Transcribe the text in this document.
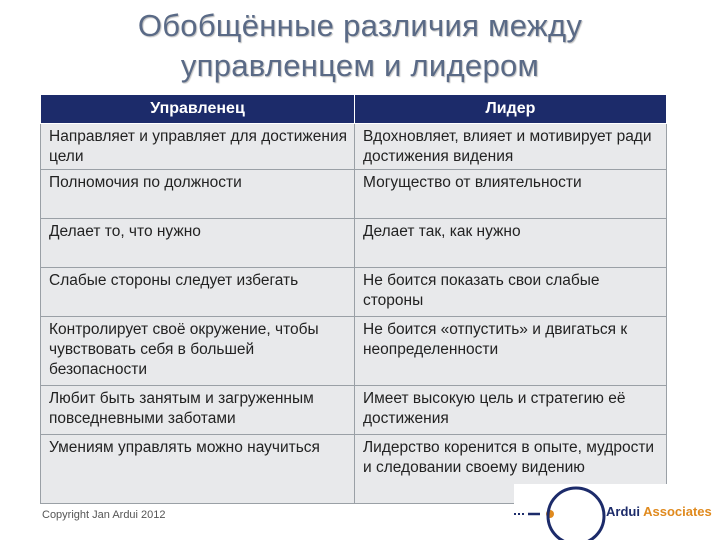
Обобщённые различия между
управленцем и лидером
Управленец	Лидер
Направляет и управляет для достижения цели	Вдохновляет, влияет и мотивирует ради достижения видения
Полномочия по должности	Могущество от влиятельности
Делает то, что нужно	Делает так, как нужно
Слабые стороны следует избегать	Не боится показать свои слабые стороны
Контролирует своё окружение, чтобы чувствовать себя в большей безопасности	Не боится «отпустить» и двигаться к неопределенности
Любит быть занятым и загруженным повседневными заботами	Имеет высокую цель и стратегию её достижения
Умениям управлять можно научиться	Лидерство коренится в опыте, мудрости и следовании своему видению
Copyright Jan Ardui 2012	Ardui Associates
